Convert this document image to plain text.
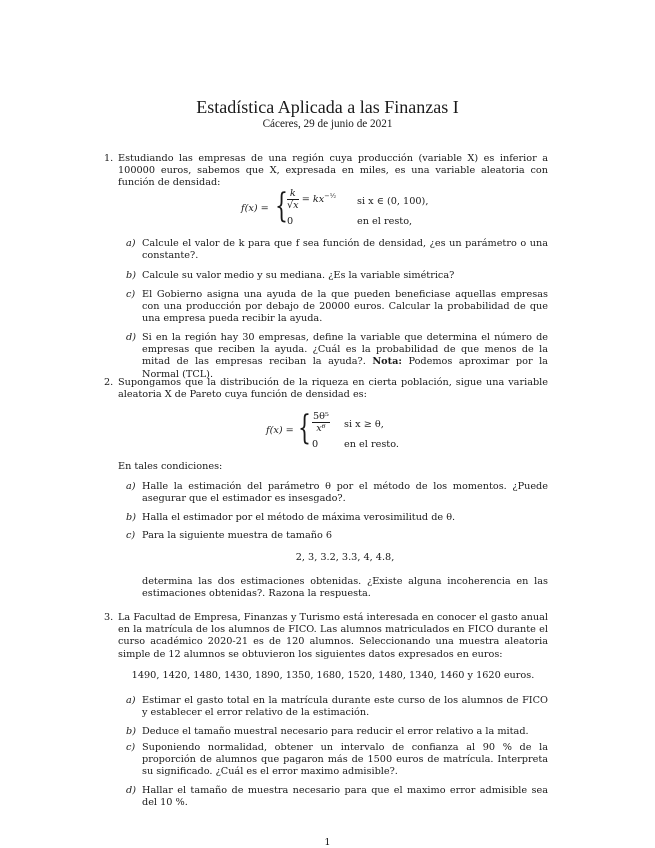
Estadística Aplicada a las Finanzas I
Cáceres, 29 de junio de 2021
1. Estudiando las empresas de una región cuya producción (variable X) es inferior a 100000 euros, sabemos que X, expresada en miles, es una variable aleatoria con función de densidad:
f(x) = { $\frac{k}{√x} = kx^{-\frac{1}{2}}$
si x ∈ (0, 100),
0	en el resto,
a) Calcule el valor de k para que f sea función de densidad, ¿es un parámetro o una constante?.
b) Calcule su valor medio y su mediana. ¿Es la variable simétrica?
c) El Gobierno asigna una ayuda de la que pueden beneficiase aquellas empresas con una producción por debajo de 20000 euros. Calcular la probabilidad de que una empresa pueda recibir la ayuda.
d) Si en la región hay 30 empresas, define la variable que determina el número de empresas que reciben la ayuda. ¿Cuál es la probabilidad de que menos de la mitad de las empresas reciban la ayuda?. Nota: Podemos aproximar por la Normal (TCL).
2. Supongamos que la distribución de la riqueza en cierta población, sigue una variable aleatoria X de Pareto cuya función de densidad es:
f(x) = { $\frac{\text{5θ⁵}}{\text{x⁶}}$ si x ≥ θ,
0	en el resto.
En tales condiciones:
a) Halle la estimación del parámetro θ por el método de los momentos. ¿Puede asegurar que el estimador es insesgado?.
b) Halla el estimador por el método de máxima verosimilitud de θ.
c) Para la siguiente muestra de tamaño 6
2, 3, 3.2, 3.3, 4, 4.8,
determina las dos estimaciones obtenidas. ¿Existe alguna incoherencia en las estimaciones obtenidas?. Razona la respuesta.
3. La Facultad de Empresa, Finanzas y Turismo está interesada en conocer el gasto anual en la matrícula de los alumnos de FICO. Las alumnos matriculados en FICO durante el curso académico 2020-21 es de 120 alumnos. Seleccionando una muestra aleatoria simple de 12 alumnos se obtuvieron los siguientes datos expresados en euros:
1490, 1420, 1480, 1430, 1890, 1350, 1680, 1520, 1480, 1340, 1460 y 1620 euros.
a) Estimar el gasto total en la matrícula durante este curso de los alumnos de FICO y establecer el error relativo de la estimación.
b) Deduce el tamaño muestral necesario para reducir el error relativo a la mitad.
c) Suponiendo normalidad, obtener un intervalo de confianza al 90 % de la proporción de alumnos que pagaron más de 1500 euros de matrícula. Interpreta su significado. ¿Cuál es el error maximo admisible?.
d) Hallar el tamaño de muestra necesario para que el maximo error admisible sea del 10 %.
1
